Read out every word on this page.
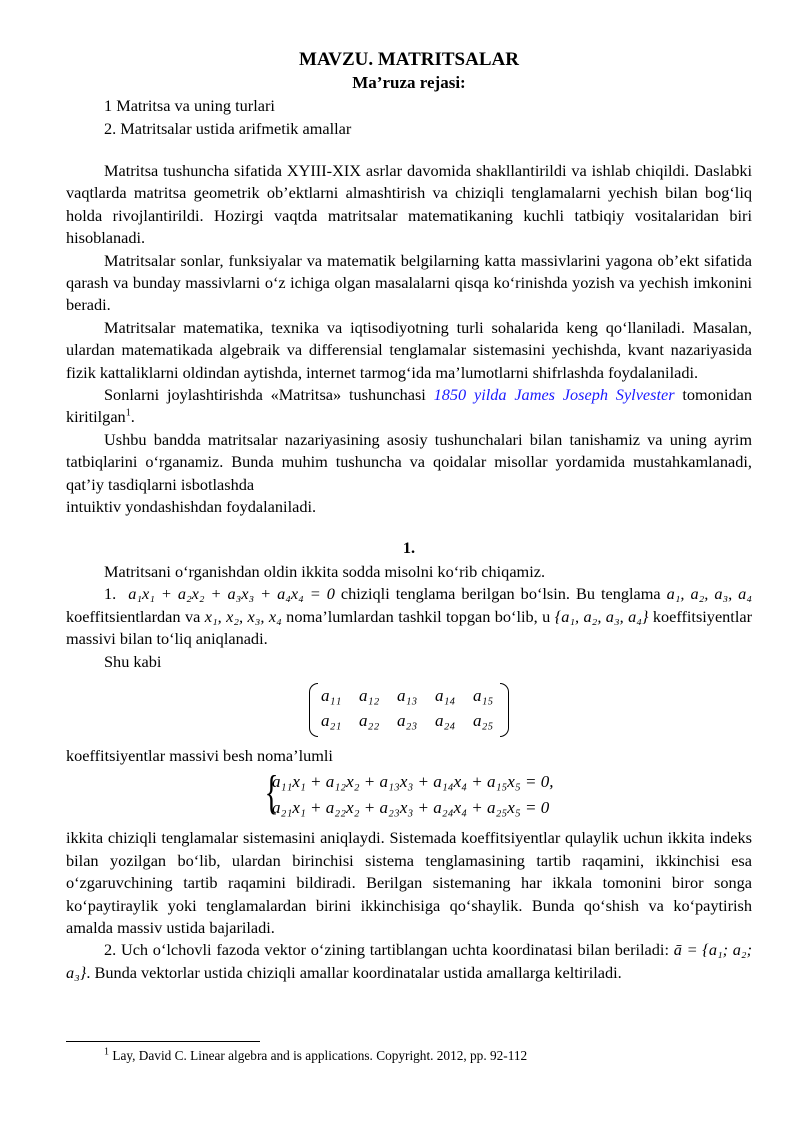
MAVZU. MATRITSALAR
Ma’ruza rejasi:
1 Matritsa va uning turlari
2. Matritsalar ustida arifmetik amallar

Matritsa tushuncha sifatida XYIII-XIX asrlar davomida shakllantirildi va ishlab chiqildi. Daslabki vaqtlarda matritsa geometrik ob’ektlarni almashtirish va chiziqli tenglamalarni yechish bilan bog‘liq holda rivojlantirildi. Hozirgi vaqtda matritsalar matematikaning kuchli tatbiqiy vositalaridan biri hisoblanadi.

Matritsalar sonlar, funksiyalar va matematik belgilarning katta massivlarini yagona ob’ekt sifatida qarash va bunday massivlarni o‘z ichiga olgan masalalarni qisqa ko‘rinishda yozish va yechish imkonini beradi.

Matritsalar matematika, texnika va iqtisodiyotning turli sohalarida keng qo‘llaniladi. Masalan, ulardan matematikada algebraik va differensial tenglamalar sistemasini yechishda, kvant nazariyasida fizik kattaliklarni oldindan aytishda, internet tarmog‘ida ma’lumotlarni shifrlashda foydalaniladi.

Sonlarni joylashtirishda «Matritsa» tushunchasi 1850 yilda James Joseph Sylvester tomonidan kiritilgan$^1$.

Ushbu bandda matritsalar nazariyasining asosiy tushunchalari bilan tanishamiz va uning ayrim tatbiqlarini o‘rganamiz. Bunda muhim tushuncha va qoidalar misollar yordamida mustahkamlanadi, qat’iy tasdiqlarni isbotlashda

intuiktiv yondashishdan foydalaniladi.

1.

Matritsani o‘rganishdan oldin ikkita sodda misolni ko‘rib chiqamiz.

1. a₁x₁ + a₂x₂ + a₃x₃ + a₄x₄ = 0 chiziqli tenglama berilgan bo‘lsin. Bu tenglama a₁, a₂, a₃, a₄ koeffitsientlardan va x₁, x₂, x₃, x₄ noma’lumlardan tashkil topgan bo‘lib, u {a₁, a₂, a₃, a₄} koeffitsiyentlar massivi bilan to‘liq aniqlanadi.

Shu kabi

a₁₁	a₁₂	a₁₃	a₁₄	a₁₅
a₂₁	a₂₂	a₂₃	a₂₄	a₂₅

koeffitsiyentlar massivi besh noma’lumli

{
a₁₁x₁ + a₁₂x₂ + a₁₃x₃ + a₁₄x₄ + a₁₅x₅ = 0,
a₂₁x₁ + a₂₂x₂ + a₂₃x₃ + a₂₄x₄ + a₂₅x₅ = 0

ikkita chiziqli tenglamalar sistemasini aniqlaydi. Sistemada koeffitsiyentlar qulaylik uchun ikkita indeks bilan yozilgan bo‘lib, ulardan birinchisi sistema tenglamasining tartib raqamini, ikkinchisi esa o‘zgaruvchining tartib raqamini bildiradi. Berilgan sistemaning har ikkala tomonini biror songa ko‘paytiraylik yoki tenglamalardan birini ikkinchisiga qo‘shaylik. Bunda qo‘shish va ko‘paytirish amalda massiv ustida bajariladi.

2. Uch o‘lchovli fazoda vektor o‘zining tartiblangan uchta koordinatasi bilan beriladi: ā = {a₁; a₂; a₃}. Bunda vektorlar ustida chiziqli amallar koordinatalar ustida amallarga keltiriladi.

$^1$ Lay, David C. Linear algebra and is applications. Copyright. 2012, pp. 92-112
